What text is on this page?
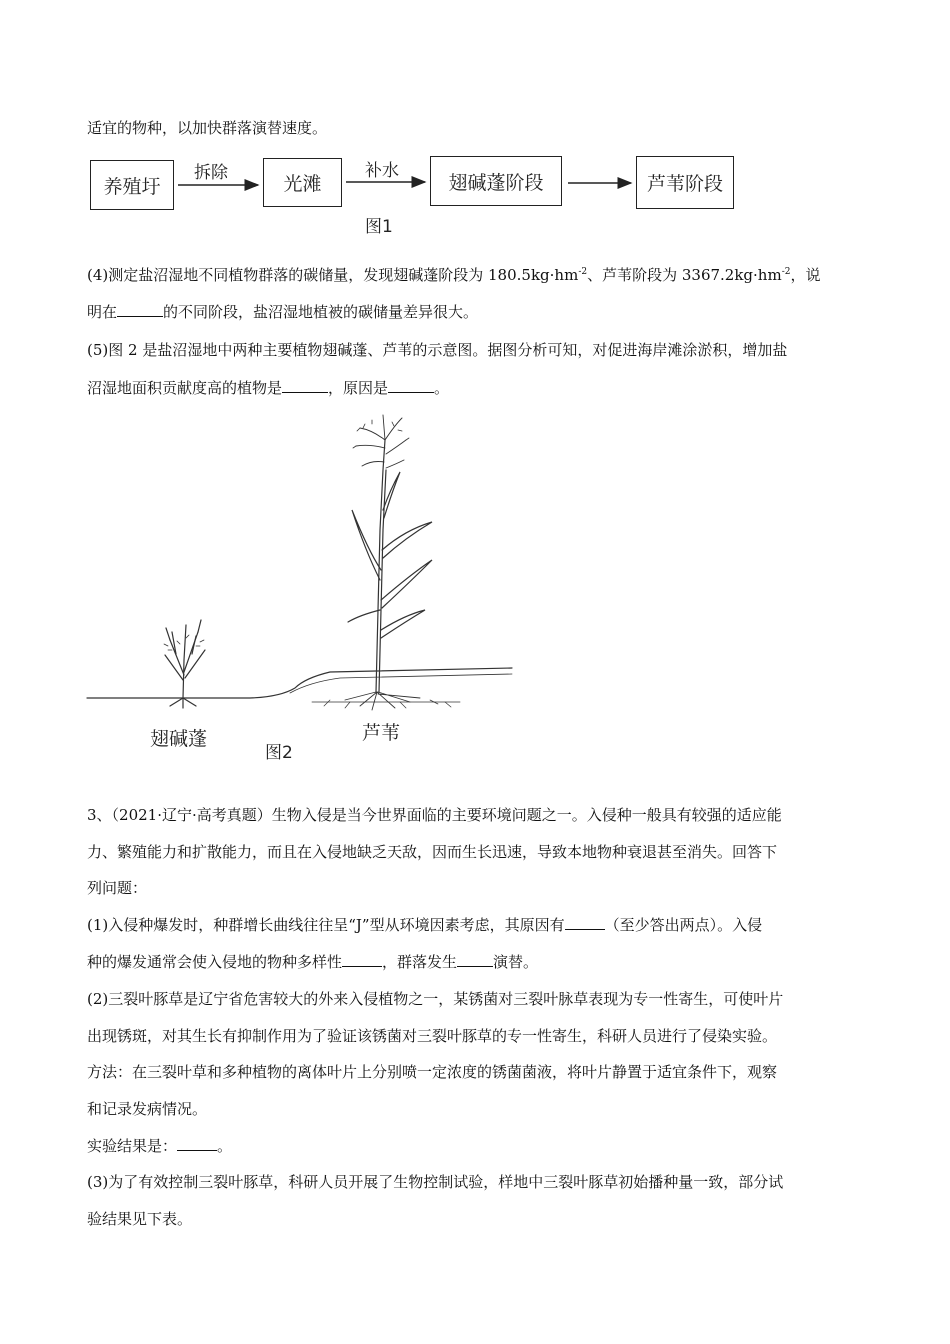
适宜的物种，以加快群落演替速度。
养殖圩	光滩	翅碱蓬阶段	芦苇阶段
拆除	补水
图1
(4)测定盐沼湿地不同植物群落的碳储量，发现翅碱蓬阶段为 $180.5kg\cdot hm^{-2}$、芦苇阶段为 $3367.2kg\cdot hm^{-2}$，说
明在	的不同阶段，盐沼湿地植被的碳储量差异很大。
(5)图 2 是盐沼湿地中两种主要植物翅碱蓬、芦苇的示意图。据图分析可知，对促进海岸滩涂淤积，增加盐
沼湿地面积贡献度高的植物是	，原因是	。
翅碱蓬	芦苇
图2
3、（2021·辽宁·高考真题）生物入侵是当今世界面临的主要环境问题之一。入侵种一般具有较强的适应能
力、繁殖能力和扩散能力，而且在入侵地缺乏天敌，因而生长迅速，导致本地物种衰退甚至消失。回答下
列问题：
(1)入侵种爆发时，种群增长曲线往往呈“J”型从环境因素考虑，其原因有	（至少答出两点）。入侵
种的爆发通常会使入侵地的物种多样性	，群落发生 演替。
(2)三裂叶豚草是辽宁省危害较大的外来入侵植物之一，某锈菌对三裂叶脉草表现为专一性寄生，可使叶片
出现锈斑，对其生长有抑制作用为了验证该锈菌对三裂叶豚草的专一性寄生，科研人员进行了侵染实验。
方法：在三裂叶草和多种植物的离体叶片上分别喷一定浓度的锈菌菌液，将叶片静置于适宜条件下，观察
和记录发病情况。
实验结果是：	。
(3)为了有效控制三裂叶豚草，科研人员开展了生物控制试验，样地中三裂叶豚草初始播种量一致，部分试
验结果见下表。
